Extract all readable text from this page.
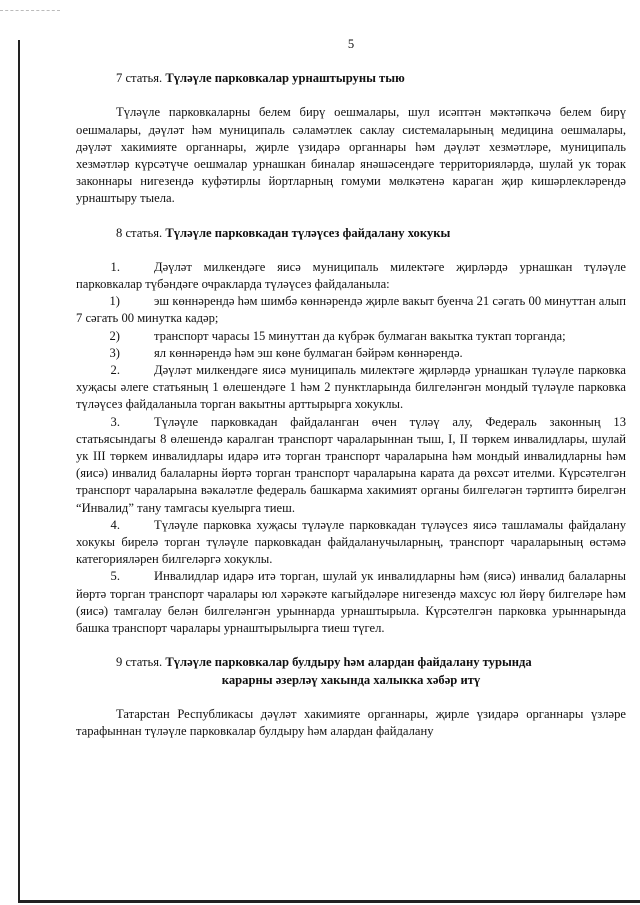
5
7 статья. Түләүле парковкалар урнаштыруны тыю

Түләүле парковкаларны белем бирү оешмалары, шул исәптән мәктәпкәчә белем бирү оешмалары, дәүләт һәм муниципаль сәламәтлек саклау системаларының медицина оешмалары, дәүләт хакимияте органнары, җирле үзидарә органнары һәм дәүләт хезмәтләре, муниципаль хезмәтләр күрсәтүче оешмалар урнашкан биналар янәшәсендәге территорияләрдә, шулай ук торак законнары нигезендә куфәтирлы йортларның гомуми мөлкәтенә караган җир кишәрлекләрендә урнаштыру тыела.

8 статья. Түләүле парковкадан түләүсез файдалану хокукы
1.	Дәүләт милкендәге яисә муниципаль милектәге җирләрдә урнашкан түләүле парковкалар түбәндәге очракларда түләүсез файдаланыла:
1)	эш көннәрендә һәм шимбә көннәрендә җирле вакыт буенча 21 сәгать 00 минуттан алып 7 сәгать 00 минутка кадәр;
2)	транспорт чарасы 15 минуттан да күбрәк булмаган вакытка туктап торганда;
3)	ял көннәрендә һәм эш көне булмаган бәйрәм көннәрендә.
2.	Дәүләт милкендәге яисә муниципаль милектәге җирләрдә урнашкан түләүле парковка хуҗасы әлеге статьяның 1 өлешендәге 1 һәм 2 пунктларында билгеләнгән мондый түләүле парковка түләүсез файдаланыла торган вакытны арттырырга хокуклы.
3.	Түләүле парковкадан файдаланган өчен түләү алу, Федераль законның 13 статьясындагы 8 өлешендә каралган транспорт чараларыннан тыш, I, II төркем инвалидлары, шулай ук III төркем инвалидлары идарә итә торган транспорт чараларына һәм мондый инвалидларны һәм (яисә) инвалид балаларны йөртә торган транспорт чараларына карата да рөхсәт ителми. Күрсәтелгән транспорт чараларына вәкаләтле федераль башкарма хакимият органы билгеләгән тәртиптә бирелгән “Инвалид” тану тамгасы куелырга тиеш.
4.	Түләүле парковка хуҗасы түләүле парковкадан түләүсез яисә ташламалы файдалану хокукы бирелә торган түләүле парковкадан файдаланучыларның, транспорт чараларының өстәмә категорияләрен билгеләргә хокуклы.
5.	Инвалидлар идарә итә торган, шулай ук инвалидларны һәм (яисә) инвалид балаларны йөртә торган транспорт чаралары юл хәрәкәте кагыйдәләре нигезендә махсус юл йөрү билгеләре һәм (яисә) тамгалау белән билгеләнгән урыннарда урнаштырыла. Күрсәтелгән парковка урыннарында башка транспорт чаралары урнаштырылырга тиеш түгел.
9 статья. Түләүле парковкалар булдыру һәм алардан файдалану турында
карарны әзерләү хакында халыкка хәбәр итү

Татарстан Республикасы дәүләт хакимияте органнары, җирле үзидарә органнары үзләре тарафыннан түләүле парковкалар булдыру һәм алардан файдалану
